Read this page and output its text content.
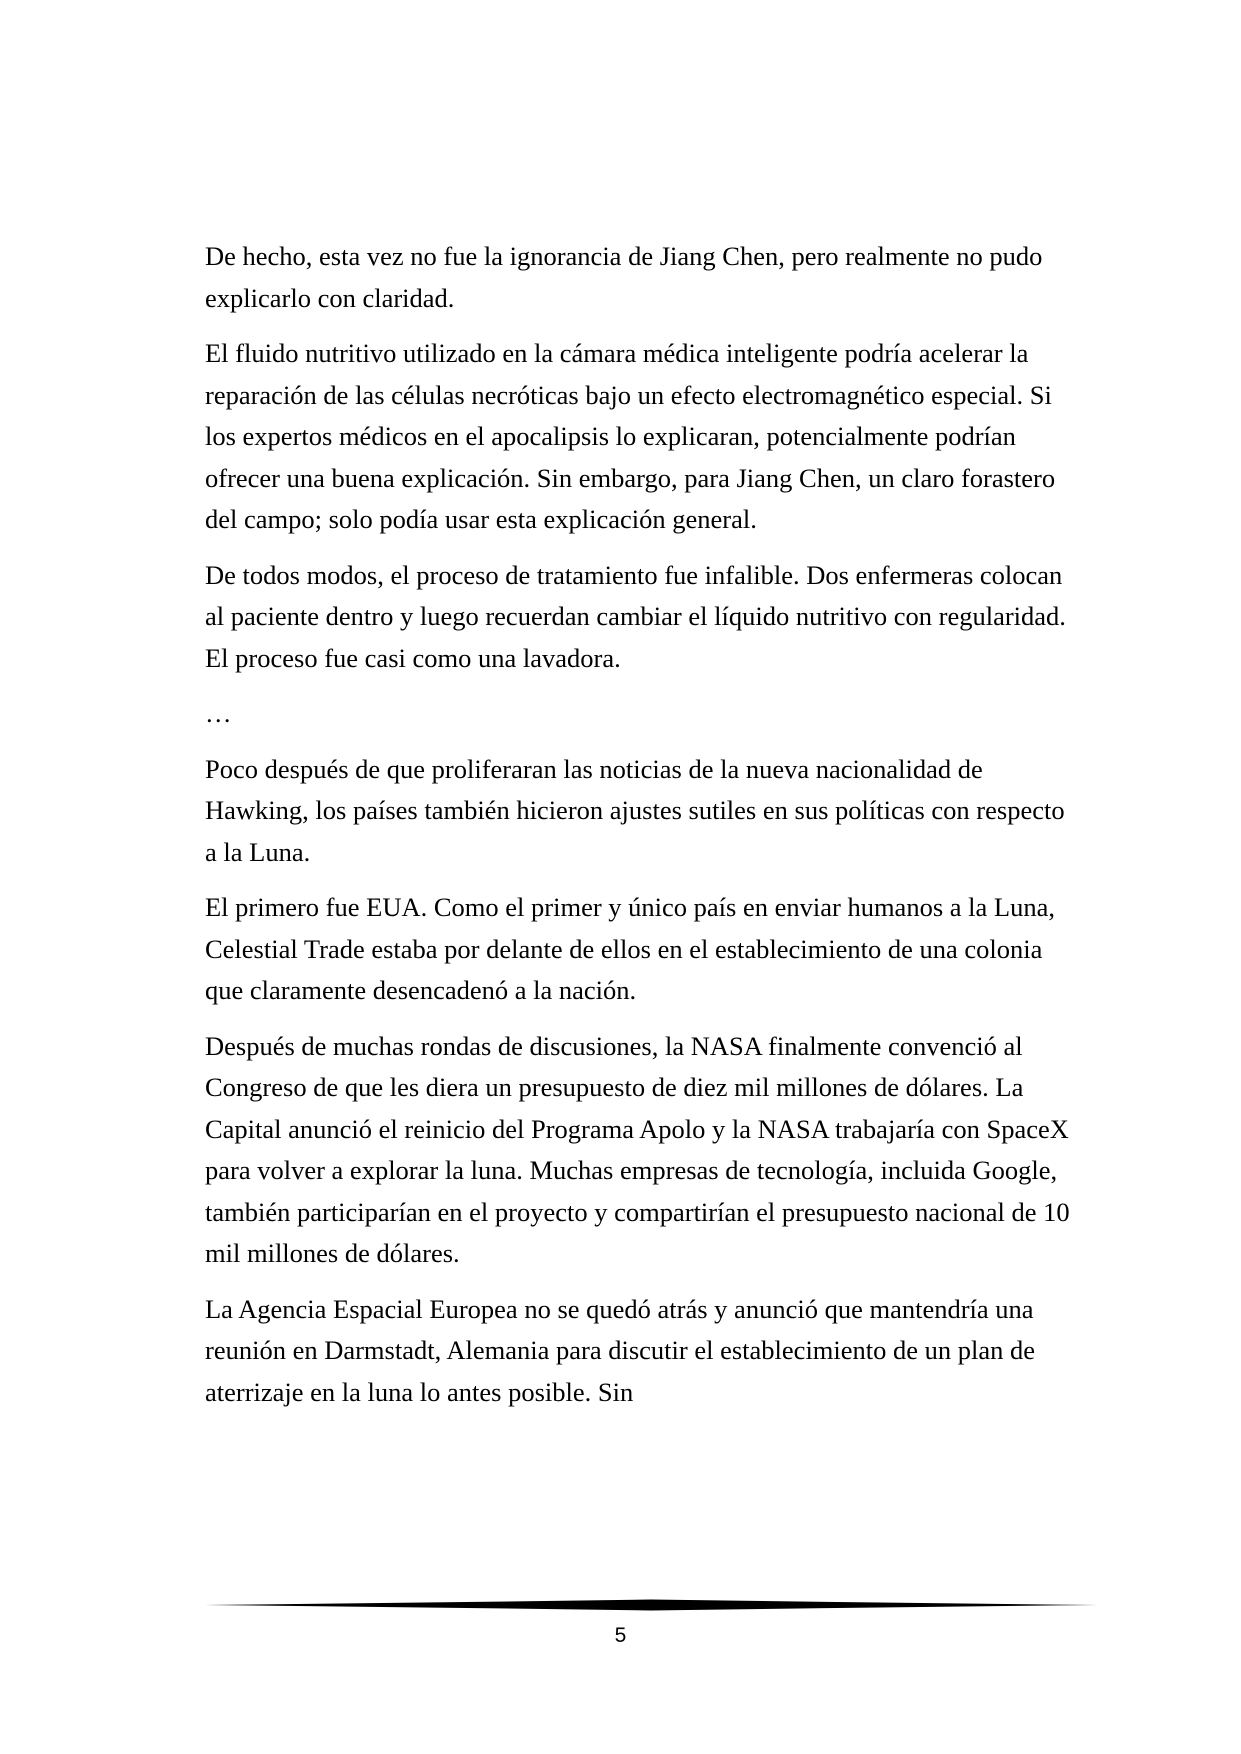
De hecho, esta vez no fue la ignorancia de Jiang Chen, pero realmente no pudo explicarlo con claridad.

El fluido nutritivo utilizado en la cámara médica inteligente podría acelerar la reparación de las células necróticas bajo un efecto electromagnético especial. Si los expertos médicos en el apocalipsis lo explicaran, potencialmente podrían ofrecer una buena explicación. Sin embargo, para Jiang Chen, un claro forastero del campo; solo podía usar esta explicación general.

De todos modos, el proceso de tratamiento fue infalible. Dos enfermeras colocan al paciente dentro y luego recuerdan cambiar el líquido nutritivo con regularidad. El proceso fue casi como una lavadora.

…

Poco después de que proliferaran las noticias de la nueva nacionalidad de Hawking, los países también hicieron ajustes sutiles en sus políticas con respecto a la Luna.

El primero fue EUA. Como el primer y único país en enviar humanos a la Luna, Celestial Trade estaba por delante de ellos en el establecimiento de una colonia que claramente desencadenó a la nación.

Después de muchas rondas de discusiones, la NASA finalmente convenció al Congreso de que les diera un presupuesto de diez mil millones de dólares. La Capital anunció el reinicio del Programa Apolo y la NASA trabajaría con SpaceX para volver a explorar la luna. Muchas empresas de tecnología, incluida Google, también participarían en el proyecto y compartirían el presupuesto nacional de 10 mil millones de dólares.

La Agencia Espacial Europea no se quedó atrás y anunció que mantendría una reunión en Darmstadt, Alemania para discutir el establecimiento de un plan de aterrizaje en la luna lo antes posible. Sin

5
